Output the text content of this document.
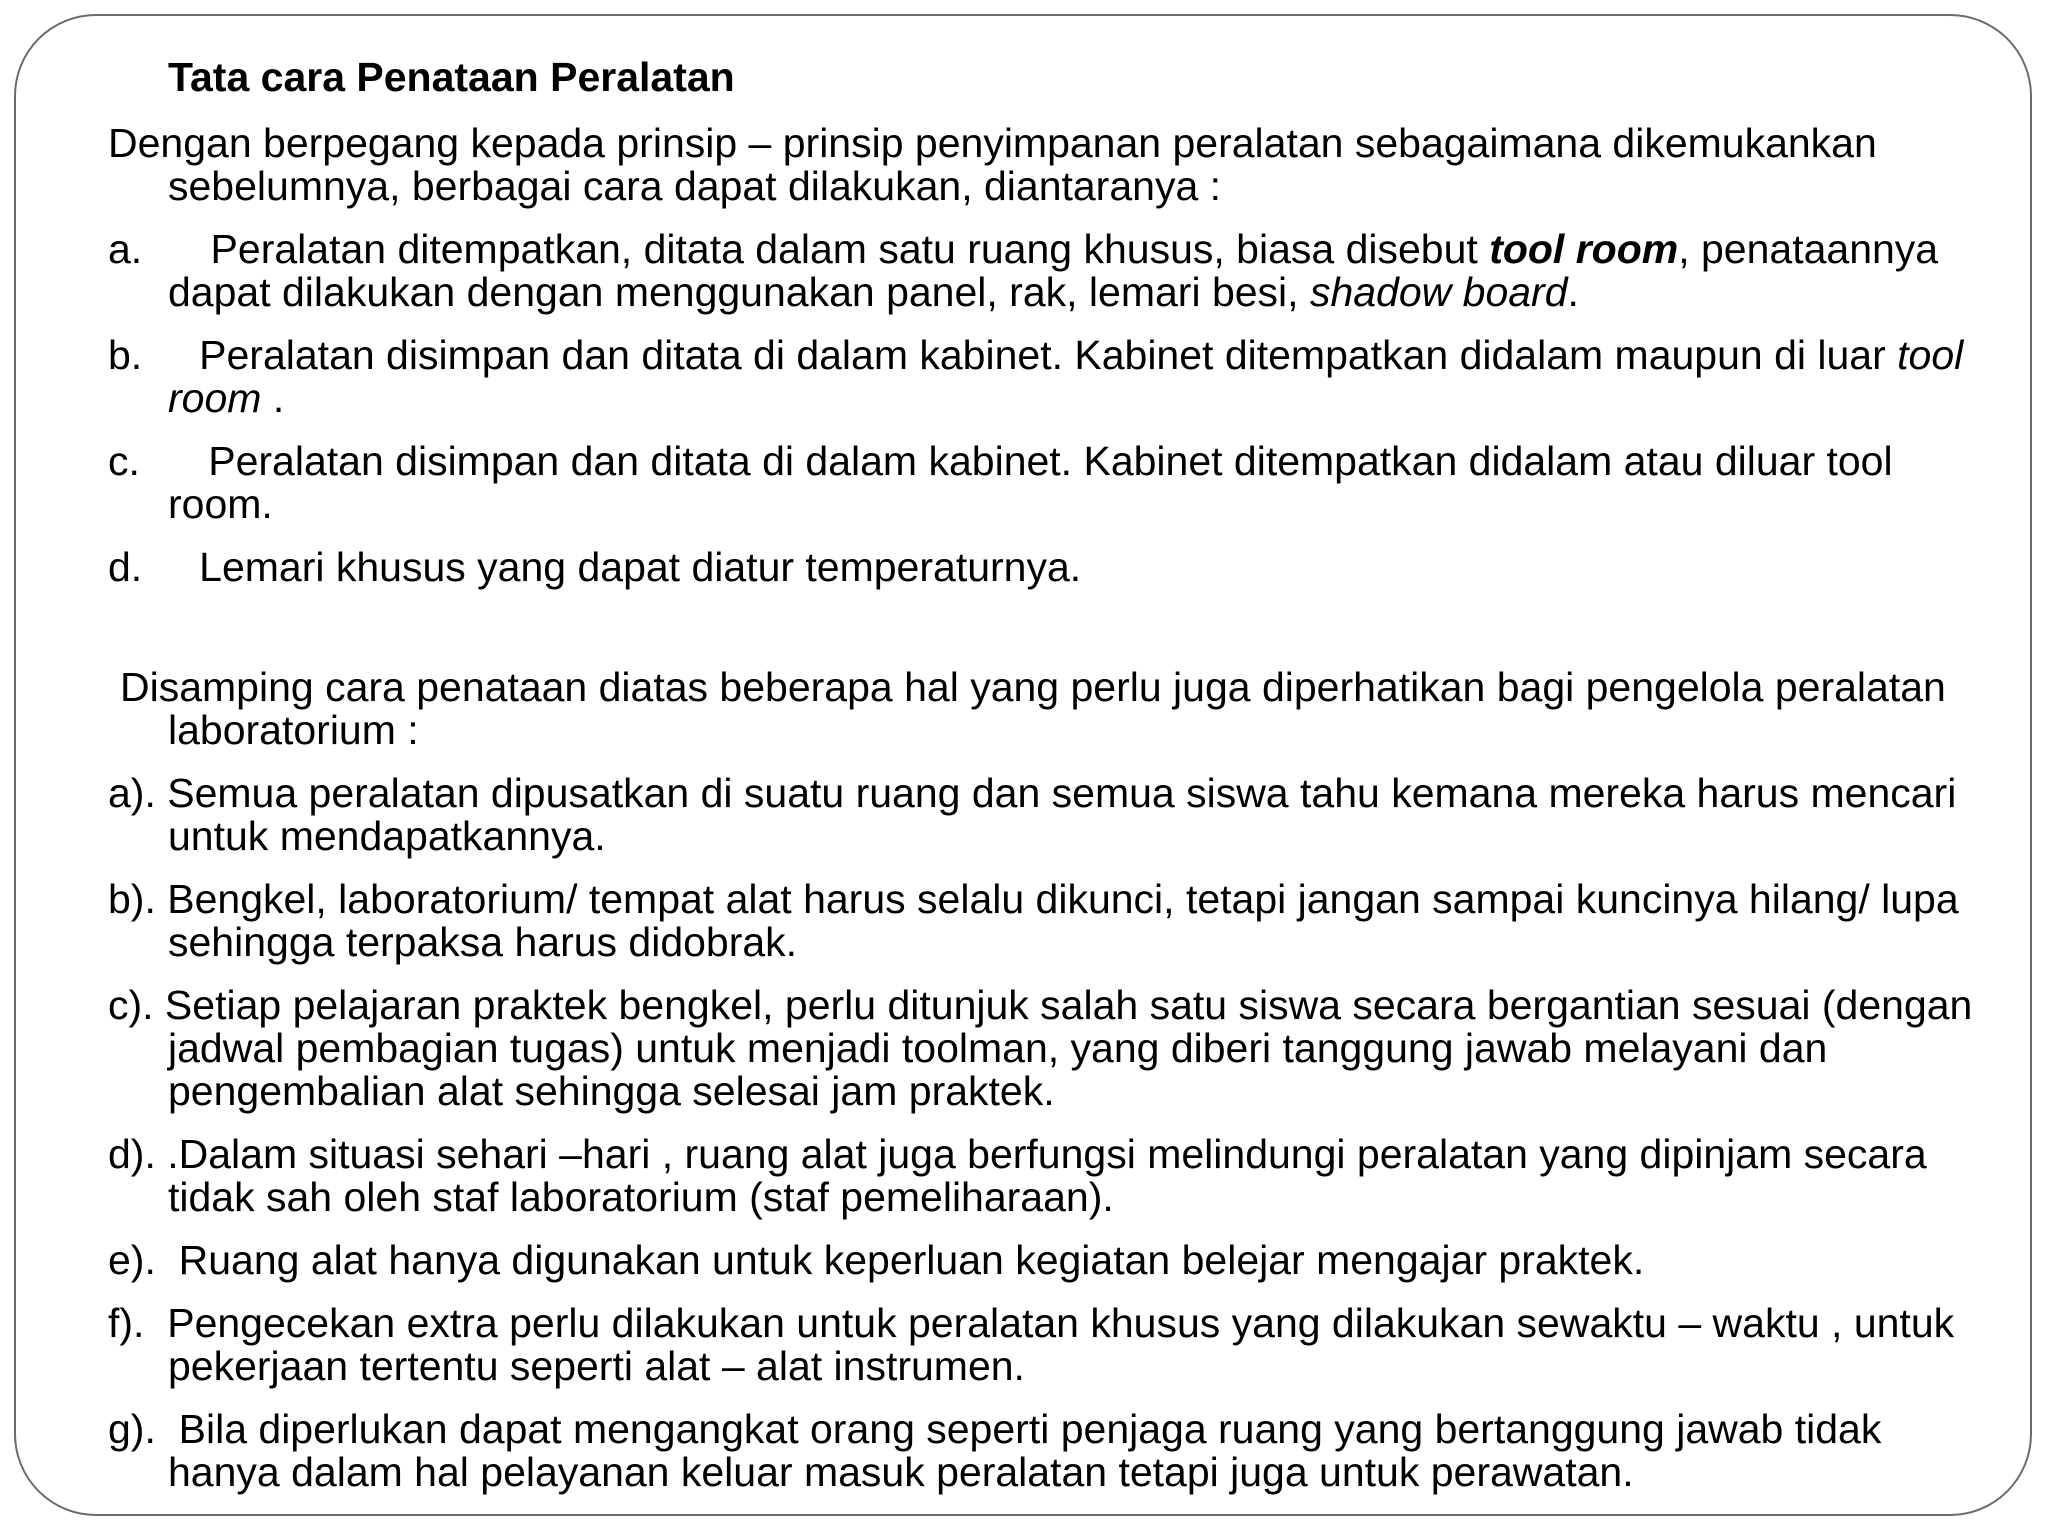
Tata cara Penataan Peralatan

Dengan berpegang kepada prinsip – prinsip penyimpanan peralatan sebagaimana dikemukankan sebelumnya, berbagai cara dapat dilakukan, diantaranya :

a.      Peralatan ditempatkan, ditata dalam satu ruang khusus, biasa disebut tool room, penataannya dapat dilakukan dengan menggunakan panel, rak, lemari besi, shadow board.

b.     Peralatan disimpan dan ditata di dalam kabinet. Kabinet ditempatkan didalam maupun di luar tool room .

c.      Peralatan disimpan dan ditata di dalam kabinet. Kabinet ditempatkan didalam atau diluar tool room.

d.     Lemari khusus yang dapat diatur temperaturnya.

Disamping cara penataan diatas beberapa hal yang perlu juga diperhatikan bagi pengelola peralatan laboratorium :

a). Semua peralatan dipusatkan di suatu ruang dan semua siswa tahu kemana mereka harus mencari untuk mendapatkannya.

b). Bengkel, laboratorium/ tempat alat harus selalu dikunci, tetapi jangan sampai kuncinya hilang/ lupa sehingga terpaksa harus didobrak.

c). Setiap pelajaran praktek bengkel, perlu ditunjuk salah satu siswa secara bergantian sesuai (dengan jadwal pembagian tugas) untuk menjadi toolman, yang diberi tanggung jawab melayani dan pengembalian alat sehingga selesai jam praktek.

d). .Dalam situasi sehari –hari , ruang alat juga berfungsi melindungi peralatan yang dipinjam secara tidak sah oleh staf laboratorium (staf pemeliharaan).

e).  Ruang alat hanya digunakan untuk keperluan kegiatan belejar mengajar praktek.

f).  Pengecekan extra perlu dilakukan untuk peralatan khusus yang dilakukan sewaktu – waktu , untuk pekerjaan tertentu seperti alat – alat instrumen.

g).  Bila diperlukan dapat mengangkat orang seperti penjaga ruang yang bertanggung jawab tidak hanya dalam hal pelayanan keluar masuk peralatan tetapi juga untuk perawatan.
